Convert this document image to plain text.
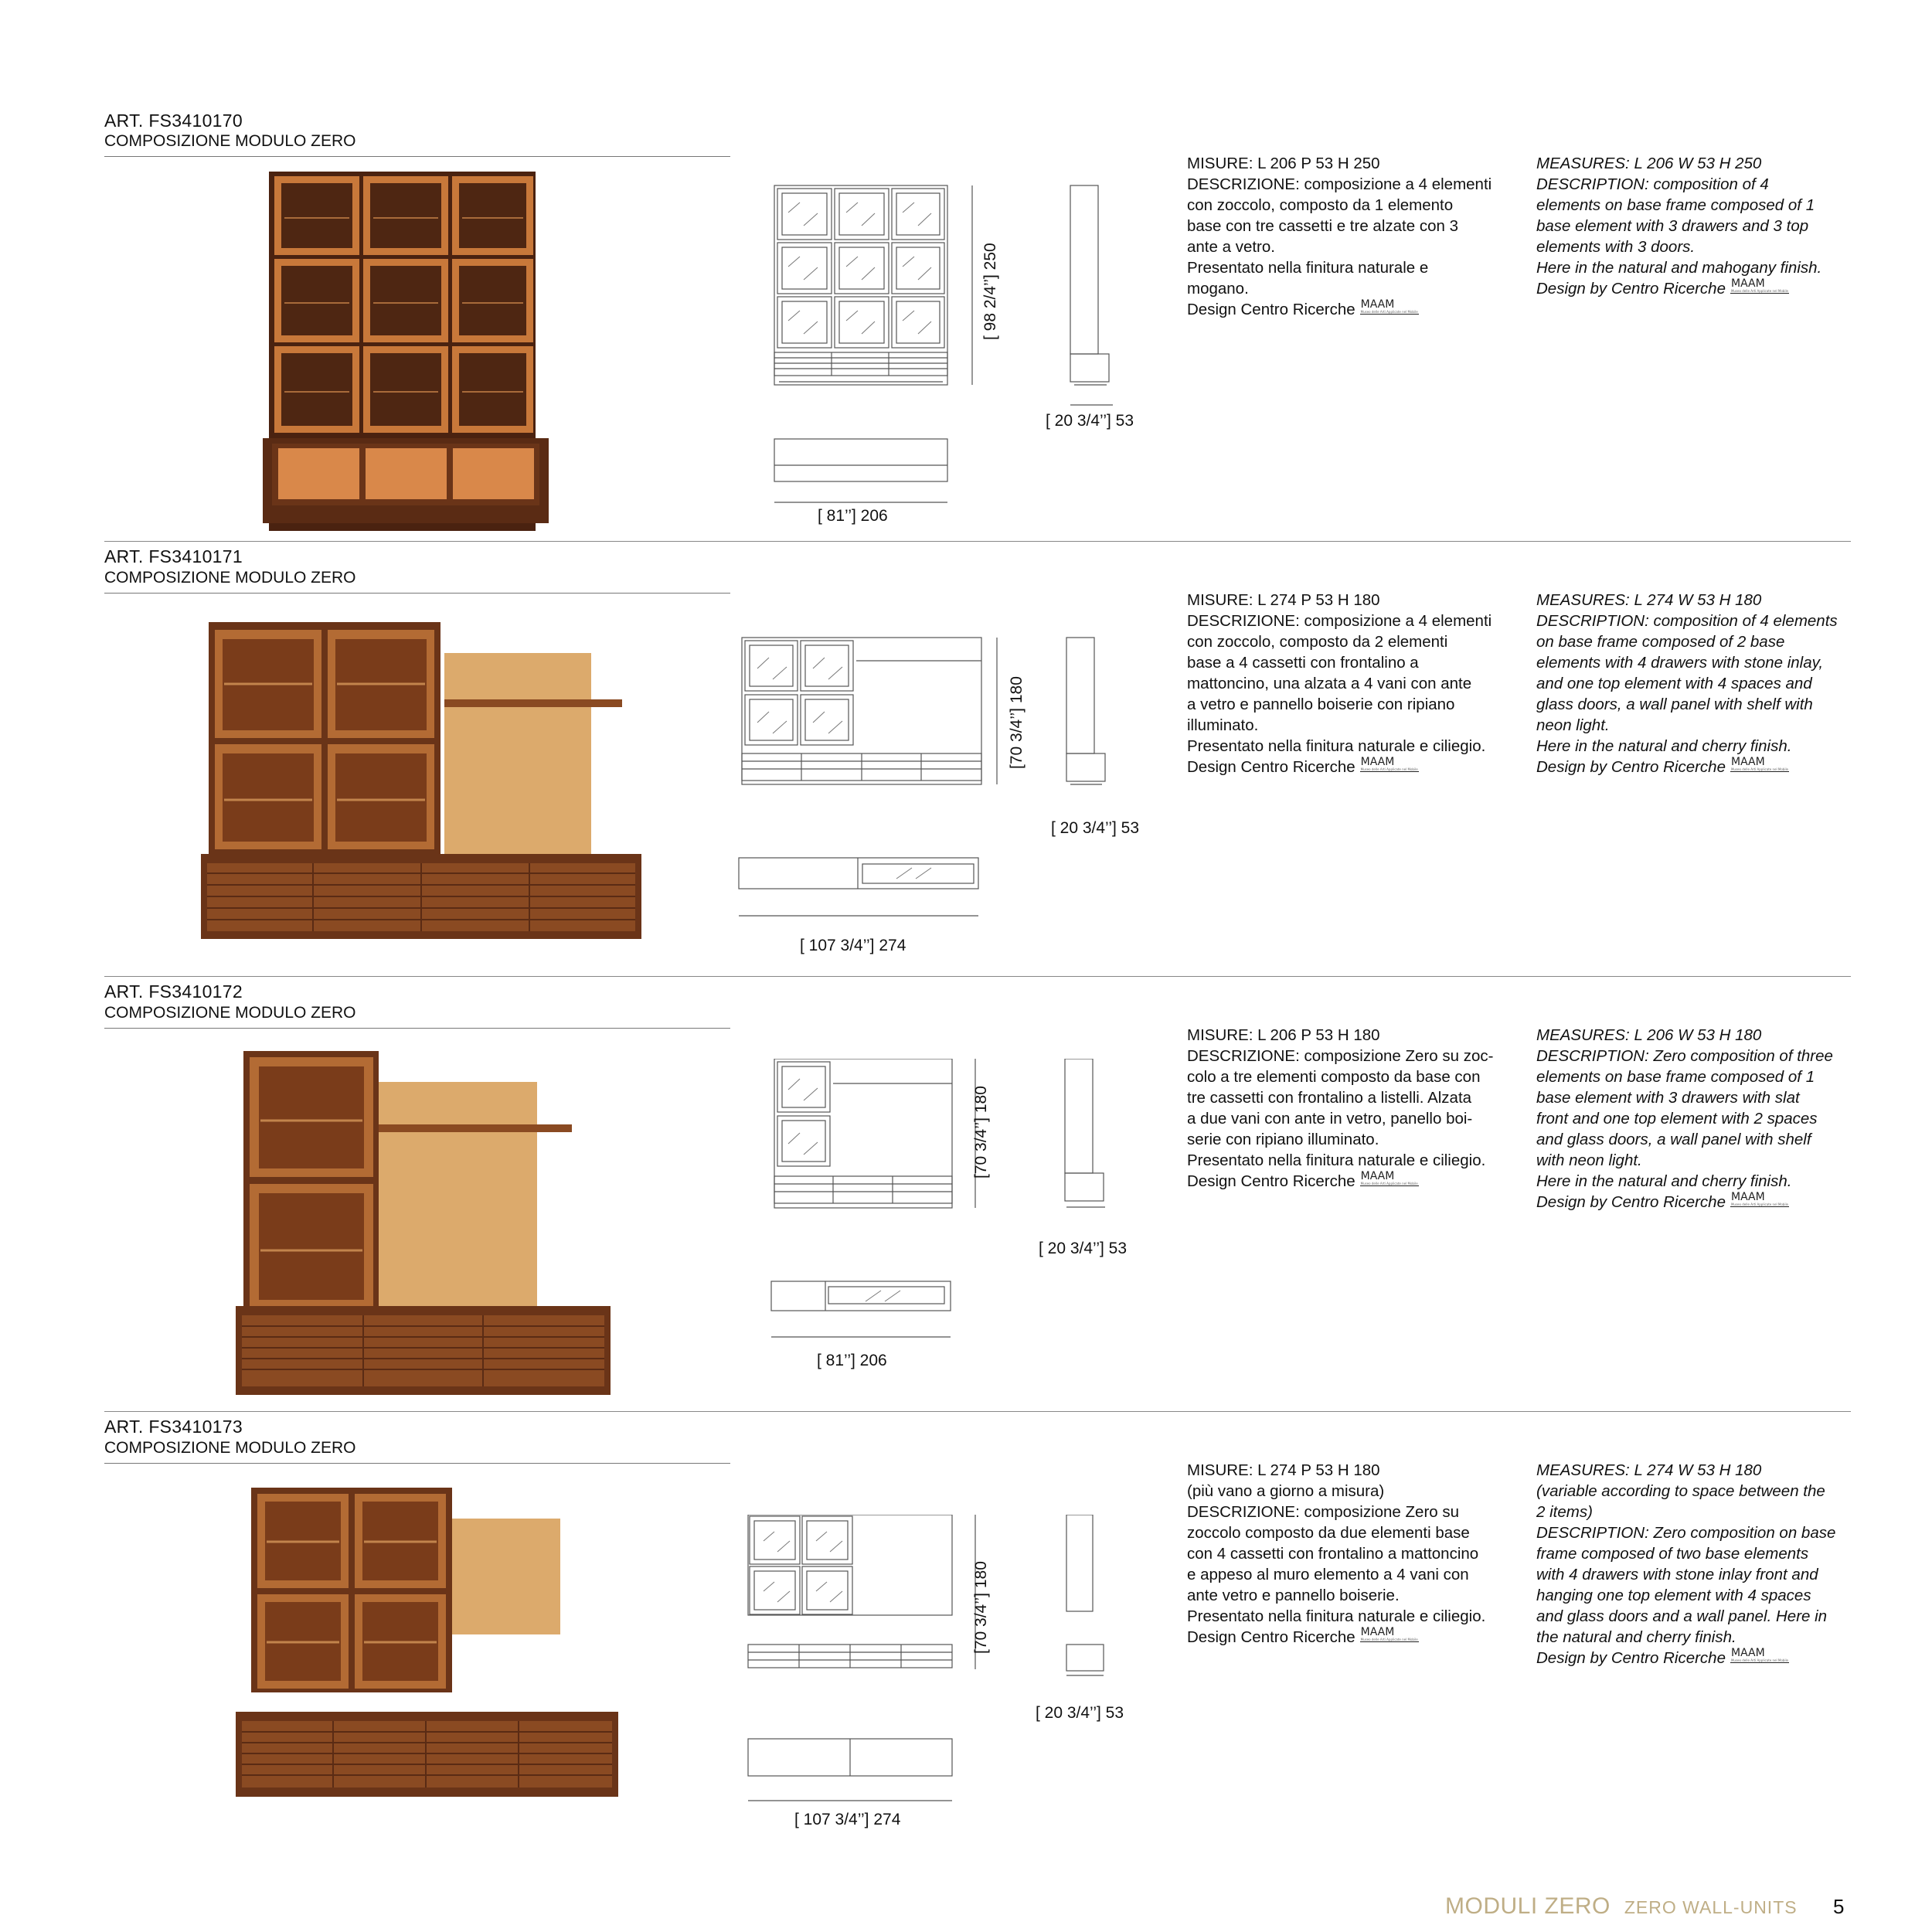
ART. FS3410170
COMPOSIZIONE MODULO ZERO
[ 98 2/4’’] 250
[ 20 3/4’’] 53
[ 81’’] 206

MISURE: L 206 P 53 H 250

DESCRIZIONE: composizione a 4 elementi

con zoccolo, composto da 1 elemento

base con tre cassetti e tre alzate con 3

ante a vetro.

Presentato nella finitura naturale e

mogano.

Design Centro Ricerche MAAM
Museo delle Arti Applicate nel Mobile

MEASURES: L 206 W 53 H 250

DESCRIPTION: composition of 4

elements on base frame composed of 1

base element with 3 drawers and 3 top

elements with 3 doors.

Here in the natural and mahogany finish.

Design by Centro Ricerche MAAM
Museo delle Arti Applicate nel Mobile

ART. FS3410171
COMPOSIZIONE MODULO ZERO
[70 3/4’’] 180
[ 20 3/4’’] 53
[ 107 3/4’’] 274

MISURE: L 274 P 53 H 180

DESCRIZIONE: composizione a 4 elementi

con zoccolo, composto da 2 elementi

base a 4 cassetti con frontalino a

mattoncino, una alzata a 4 vani con ante

a vetro e pannello boiserie con ripiano

illuminato.

Presentato nella finitura naturale e ciliegio.

Design Centro Ricerche MAAM
Museo delle Arti Applicate nel Mobile

MEASURES: L 274 W 53 H 180

DESCRIPTION: composition of 4 elements

on base frame composed of 2 base

elements with 4 drawers with stone inlay,

and one top element with 4 spaces and

glass doors, a wall panel with shelf with

neon light.

Here in the natural and cherry finish.

Design by Centro Ricerche MAAM
Museo delle Arti Applicate nel Mobile

ART. FS3410172
COMPOSIZIONE MODULO ZERO
[70 3/4’’] 180
[ 20 3/4’’] 53
[ 81’’] 206

MISURE: L 206 P 53 H 180

DESCRIZIONE: composizione Zero su zoc-

colo a tre elementi composto da base con

tre cassetti con frontalino a listelli. Alzata

a due vani con ante in vetro, panello boi-

serie con ripiano illuminato.

Presentato nella finitura naturale e ciliegio.

Design Centro Ricerche MAAM
Museo delle Arti Applicate nel Mobile

MEASURES: L 206 W 53 H 180

DESCRIPTION: Zero composition of three

elements on base frame composed of 1

base element with 3 drawers with slat

front and one top element with 2 spaces

and glass doors, a wall panel with shelf

with neon light.

Here in the natural and cherry finish.

Design by Centro Ricerche MAAM
Museo delle Arti Applicate nel Mobile

ART. FS3410173
COMPOSIZIONE MODULO ZERO
[70 3/4’’] 180
[ 20 3/4’’] 53
[ 107 3/4’’] 274

MISURE: L 274 P 53 H 180

(più vano a giorno a misura)

DESCRIZIONE: composizione Zero su

zoccolo composto da due elementi base

con 4 cassetti con frontalino a mattoncino

e appeso al muro elemento a 4 vani con

ante vetro e pannello boiserie.

Presentato nella finitura naturale e ciliegio.

Design Centro Ricerche MAAM
Museo delle Arti Applicate nel Mobile

MEASURES: L 274 W 53 H 180

(variable according to space between the

2 items)

DESCRIPTION: Zero composition on base

frame composed of two base elements

with 4 drawers with stone inlay front and

hanging one top element with 4 spaces

and glass doors and a wall panel. Here in

the natural and cherry finish.

Design by Centro Ricerche MAAM
Museo delle Arti Applicate nel Mobile

MODULI ZERO ZERO WALL-UNITS 5
